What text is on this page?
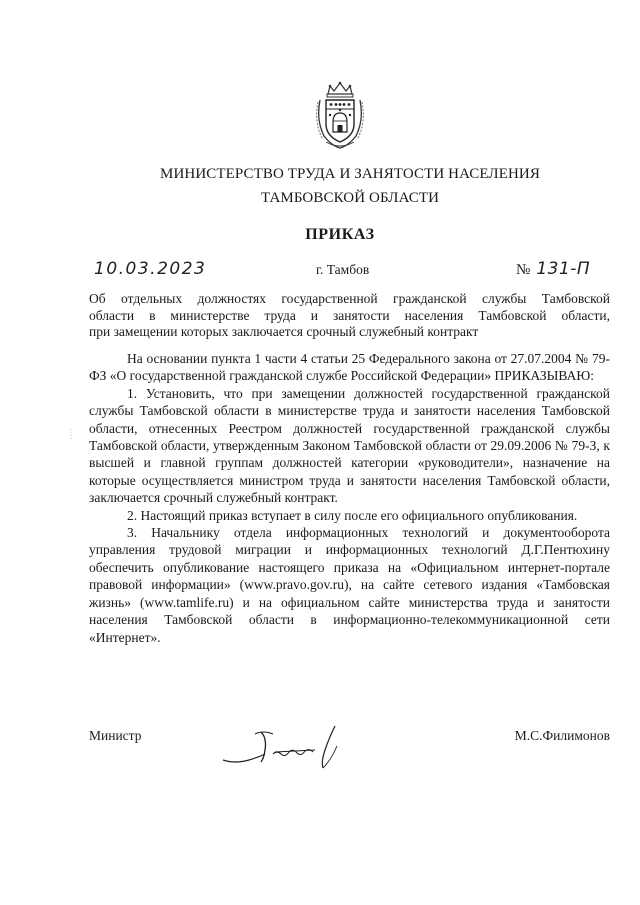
МИНИСТЕРСТВО ТРУДА И ЗАНЯТОСТИ НАСЕЛЕНИЯ
ТАМБОВСКОЙ ОБЛАСТИ
ПРИКАЗ
10.03.2023	г. Тамбов	№ 131-П
Об отдельных должностях государственной гражданской службы Тамбовской
области в министерстве труда и занятости населения Тамбовской области,
при замещении которых заключается срочный служебный контракт

На основании пункта 1 части 4 статьи 25 Федерального закона от 27.07.2004 № 79-ФЗ «О государственной гражданской службе Российской Федерации» ПРИКАЗЫВАЮ:

1. Установить, что при замещении должностей государственной гражданской службы Тамбовской области в министерстве труда и занятости населения Тамбовской области, отнесенных Реестром должностей государственной гражданской службы Тамбовской области, утвержденным Законом Тамбовской области от 29.09.2006 № 79-З, к высшей и главной группам должностей категории «руководители», назначение на которые осуществляется министром труда и занятости населения Тамбовской области, заключается срочный служебный контракт.

2. Настоящий приказ вступает в силу после его официального опубликования.

3. Начальнику отдела информационных технологий и документооборота управления трудовой миграции и информационных технологий Д.Г.Пентюхину обеспечить опубликование настоящего приказа на «Официальном интернет-портале правовой информации» (www.pravo.gov.ru), на сайте сетевого издания «Тамбовская жизнь» (www.tamlife.ru) и на официальном сайте министерства труда и занятости населения Тамбовской области в информационно-телекоммуникационной сети «Интернет».

Министр	М.С.Филимонов
